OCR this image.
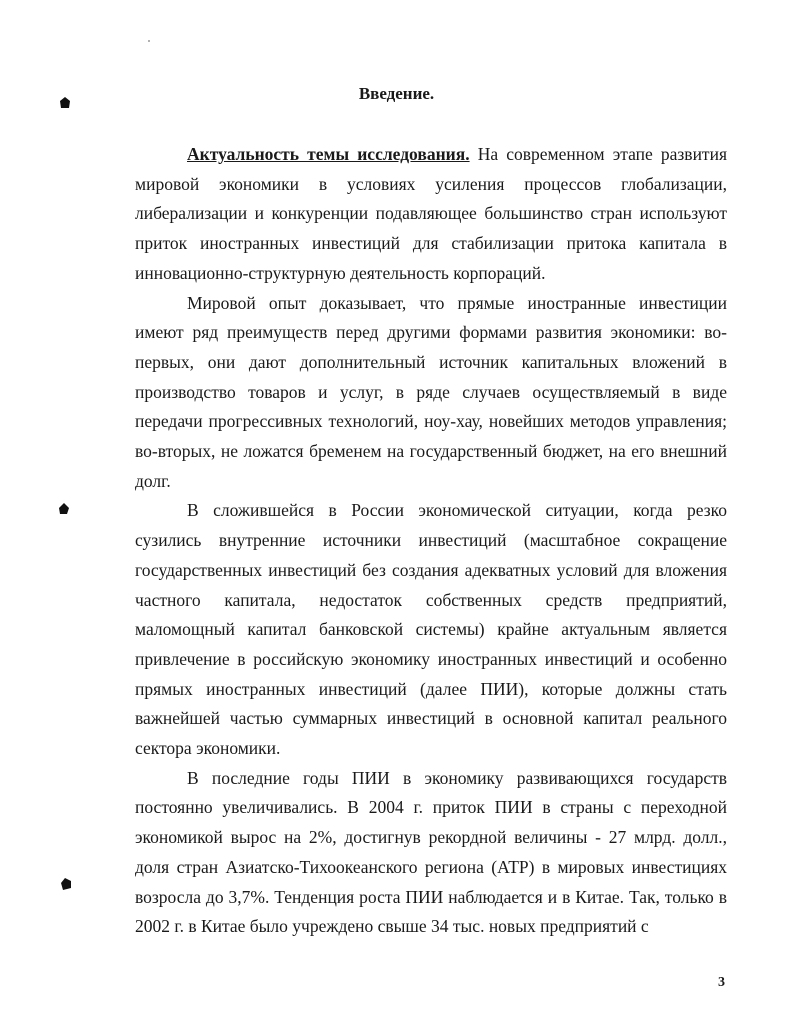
Введение.

Актуальность темы исследования. На современном этапе развития мировой экономики в условиях усиления процессов глобализации, либерализации и конкуренции подавляющее большинство стран используют приток иностранных инвестиций для стабилизации притока капитала в инновационно-структурную деятельность корпораций.

Мировой опыт доказывает, что прямые иностранные инвестиции имеют ряд преимуществ перед другими формами развития экономики: во-первых, они дают дополнительный источник капитальных вложений в производство товаров и услуг, в ряде случаев осуществляемый в виде передачи прогрессивных технологий, ноу-хау, новейших методов управления; во-вторых, не ложатся бременем на государственный бюджет, на его внешний долг.

В сложившейся в России экономической ситуации, когда резко сузились внутренние источники инвестиций (масштабное сокращение государственных инвестиций без создания адекватных условий для вложения частного капитала, недостаток собственных средств предприятий, маломощный капитал банковской системы) крайне актуальным является привлечение в российскую экономику иностранных инвестиций и особенно прямых иностранных инвестиций (далее ПИИ), которые должны стать важнейшей частью суммарных инвестиций в основной капитал реального сектора экономики.

В последние годы ПИИ в экономику развивающихся государств постоянно увеличивались. В 2004 г. приток ПИИ в страны с переходной экономикой вырос на 2%, достигнув рекордной величины - 27 млрд. долл., доля стран Азиатско-Тихоокеанского региона (АТР) в мировых инвестициях возросла до 3,7%. Тенденция роста ПИИ наблюдается и в Китае. Так, только в 2002 г. в Китае было учреждено свыше 34 тыс. новых предприятий с

3
